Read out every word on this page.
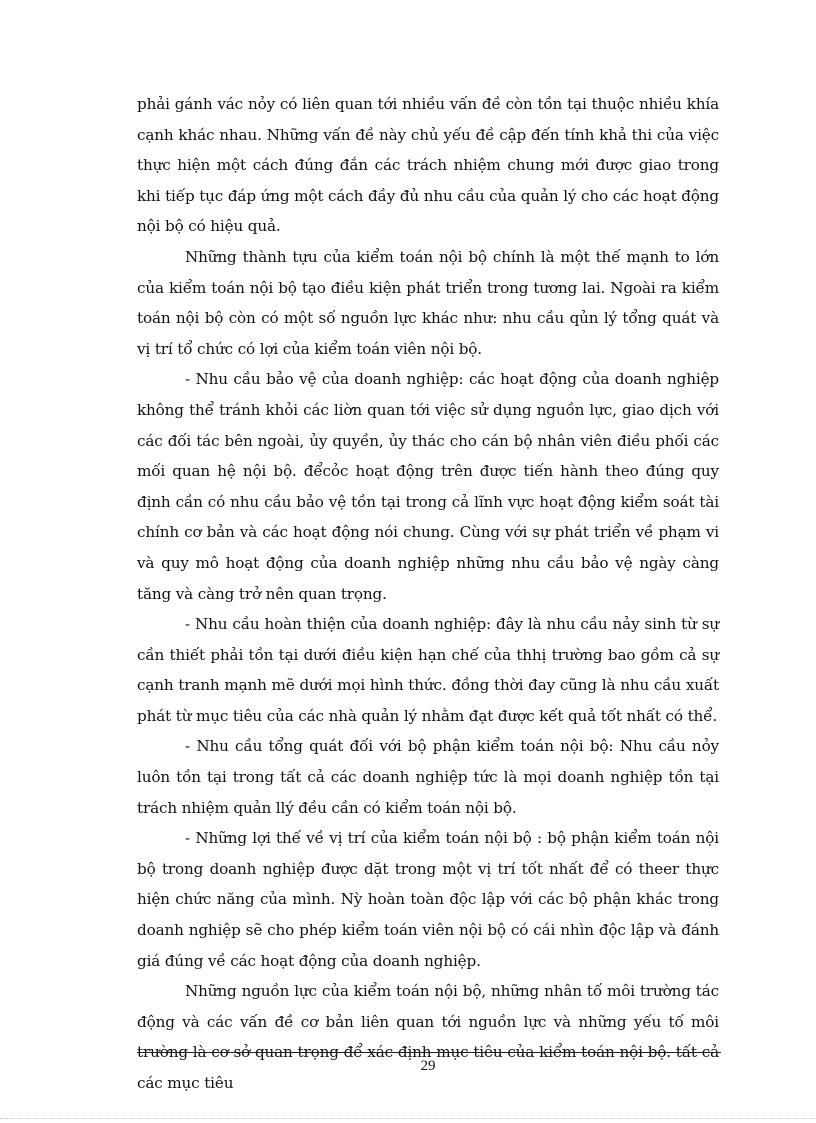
phải gánh vác nỏy có liên quan tới nhiều vấn đề còn tồn tại thuộc nhiều khía cạnh khác nhau. Những vấn đề này chủ yếu đề cập đến tính khả thi của việc thực hiện một cách đúng đắn các trách nhiệm chung mới được giao trong khi tiếp tục đáp ứng một cách đầy đủ nhu cầu của quản lý cho các hoạt động nội bộ có hiệu quả.

Những thành tựu của kiểm toán nội bộ chính là một thế mạnh to lớn của kiểm toán nội bộ tạo điều kiện phát triển trong tương lai. Ngoài ra kiểm toán nội bộ còn có một số nguồn lực khác như: nhu cầu qủn lý tổng quát và vị trí tổ chức có lợi của kiểm toán viên nội bộ.

- Nhu cầu bảo vệ của doanh nghiệp: các hoạt động của doanh nghiệp không thể tránh khỏi các liờn quan tới việc sử dụng nguồn lực, giao dịch với các đối tác bên ngoài, ủy quyền, ủy thác cho cán bộ nhân viên điều phối các mối quan hệ nội bộ. đểcỏc hoạt động trên được tiến hành theo đúng quy định cần có nhu cầu bảo vệ tồn tại trong cả lĩnh vực hoạt động kiểm soát tài chính cơ bản và các hoạt động nói chung. Cùng với sự phát triển về phạm vi và quy mô hoạt động của doanh nghiệp những nhu cầu bảo vệ ngày càng tăng và càng trở nên quan trọng.

- Nhu cầu hoàn thiện của doanh nghiệp: đây là nhu cầu nảy sinh từ sự cần thiết phải tồn tại dưới điều kiện hạn chế của thhị trường bao gồm cả sự cạnh tranh mạnh mẽ dưới mọi hình thức. đồng thời đay cũng là nhu cầu xuất phát từ mục tiêu của các nhà quản lý nhằm đạt được kết quả tốt nhất có thể.

- Nhu cầu tổng quát đối với bộ phận kiểm toán nội bộ: Nhu cầu nỏy luôn tồn tại trong tất cả các doanh nghiệp tức là mọi doanh nghiệp tồn tại trách nhiệm quản llý đều cần có kiểm toán nội bộ.

- Những lợi thế về vị trí của kiểm toán nội bộ : bộ phận kiểm toán nội bộ trong doanh nghiệp được dặt trong một vị trí tốt nhất để có theer thực hiện chức năng của mình. Nỳ hoàn toàn độc lập với các bộ phận khác trong doanh nghiệp sẽ cho phép kiểm toán viên nội bộ có cái nhìn độc lập và đánh giá đúng về các hoạt động của doanh nghiệp.

Những nguồn lực của kiểm toán nội bộ, những nhân tố môi trường tác động và các vấn đề cơ bản liên quan tới nguồn lực và những yếu tố môi trường là cơ sở quan trọng để xác định mục tiêu của kiểm toán nội bộ. tất cả các mục tiêu

29
